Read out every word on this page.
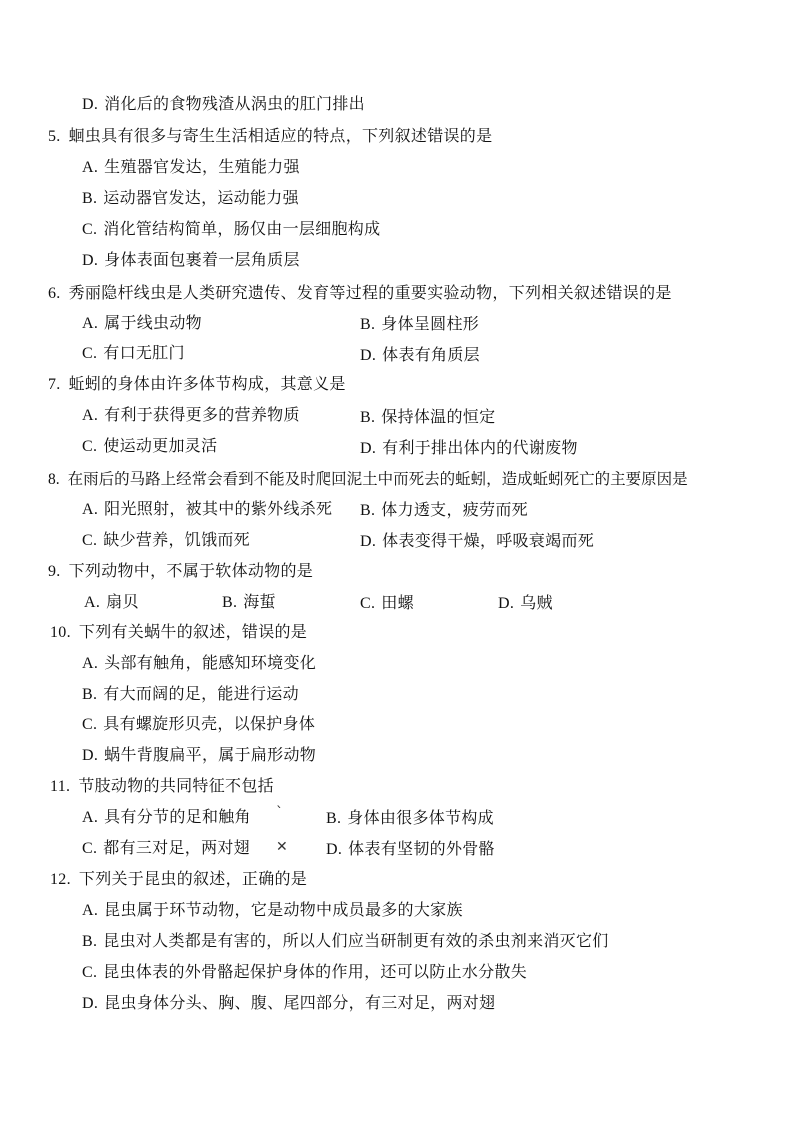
D. 消化后的食物残渣从涡虫的肛门排出
5. 蛔虫具有很多与寄生生活相适应的特点，下列叙述错误的是
A. 生殖器官发达，生殖能力强
B. 运动器官发达，运动能力强
C. 消化管结构简单，肠仅由一层细胞构成
D. 身体表面包裹着一层角质层
6. 秀丽隐杆线虫是人类研究遗传、发育等过程的重要实验动物，下列相关叙述错误的是
A. 属于线虫动物	B. 身体呈圆柱形
C. 有口无肛门	D. 体表有角质层
7. 蚯蚓的身体由许多体节构成，其意义是
A. 有利于获得更多的营养物质	B. 保持体温的恒定
C. 使运动更加灵活	D. 有利于排出体内的代谢废物
8. 在雨后的马路上经常会看到不能及时爬回泥土中而死去的蚯蚓，造成蚯蚓死亡的主要原因是
A. 阳光照射，被其中的紫外线杀死 B. 体力透支，疲劳而死
C. 缺少营养，饥饿而死	D. 体表变得干燥，呼吸衰竭而死
9. 下列动物中，不属于软体动物的是
A. 扇贝	B. 海蜇	C. 田螺	D. 乌贼
10. 下列有关蜗牛的叙述，错误的是
A. 头部有触角，能感知环境变化
B. 有大而阔的足，能进行运动
C. 具有螺旋形贝壳，以保护身体
D. 蜗牛背腹扁平，属于扁形动物
11. 节肢动物的共同特征不包括
A. 具有分节的足和触角 `	B. 身体由很多体节构成
C. 都有三对足，两对翅 ✕ D. 体表有坚韧的外骨骼
12. 下列关于昆虫的叙述，正确的是
A. 昆虫属于环节动物，它是动物中成员最多的大家族
B. 昆虫对人类都是有害的，所以人们应当研制更有效的杀虫剂来消灭它们
C. 昆虫体表的外骨骼起保护身体的作用，还可以防止水分散失
D. 昆虫身体分头、胸、腹、尾四部分，有三对足，两对翅
